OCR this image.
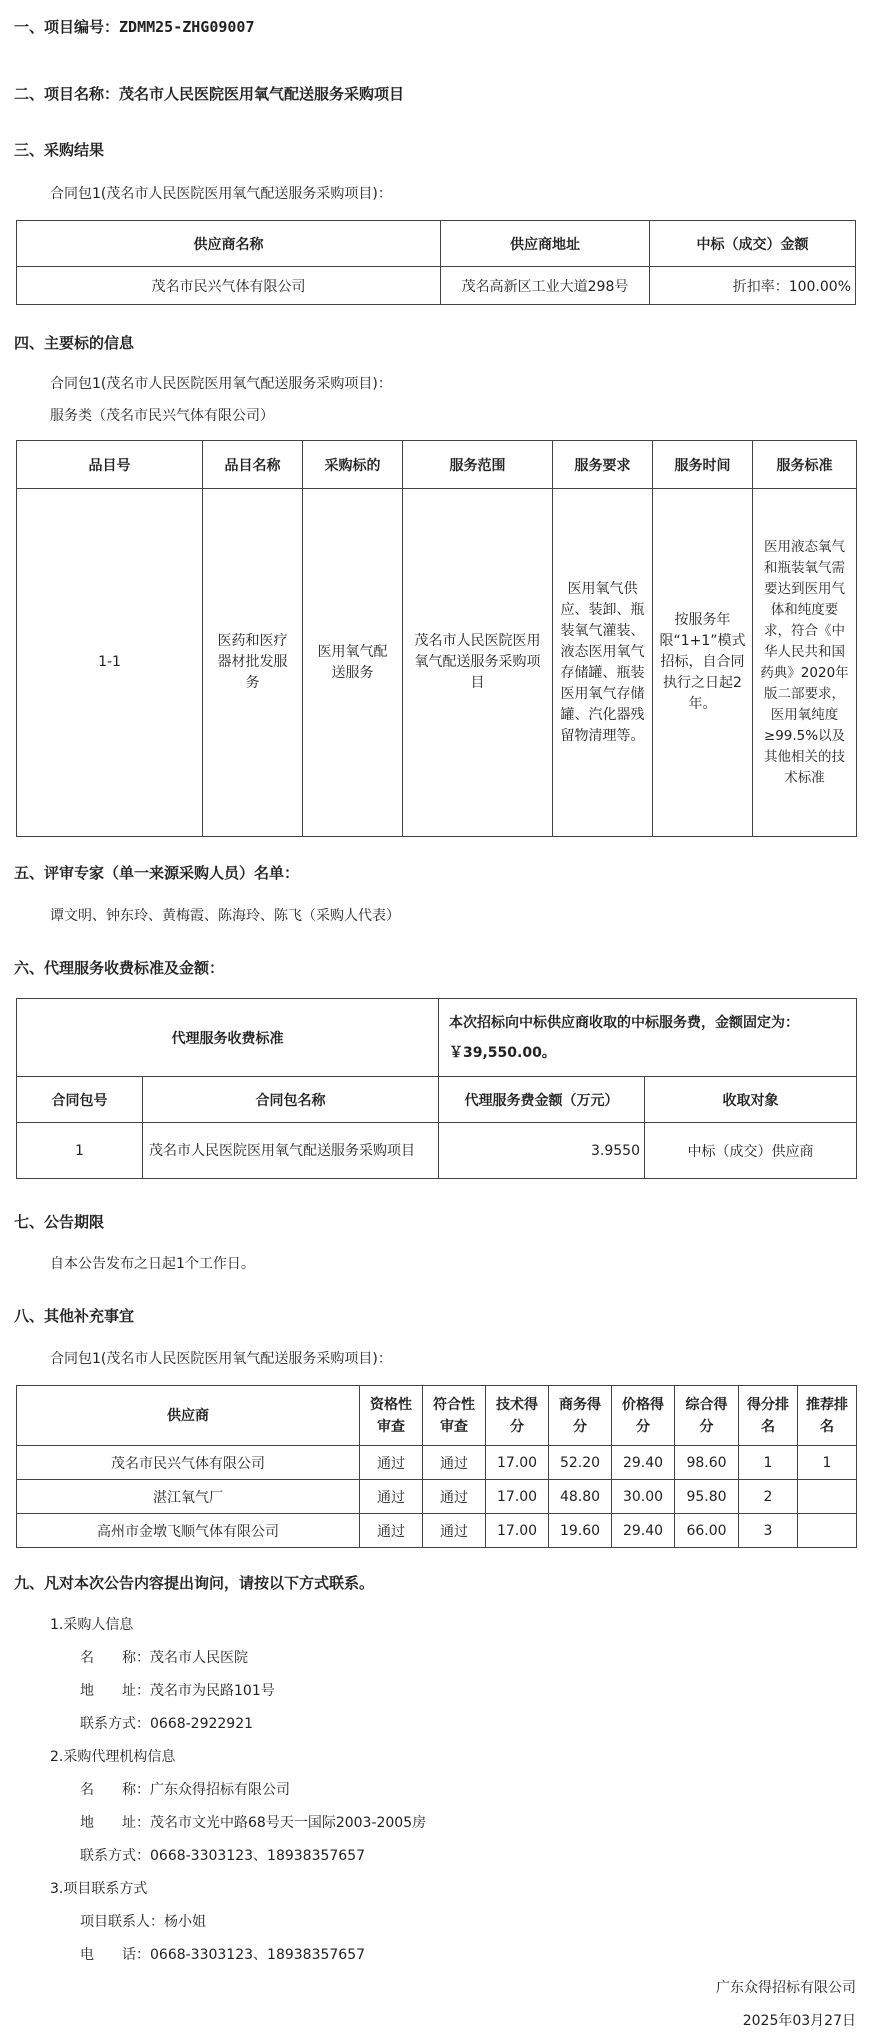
一、项目编号：ZDMM25-ZHG09007
二、项目名称：茂名市人民医院医用氧气配送服务采购项目
三、采购结果
合同包1(茂名市人民医院医用氧气配送服务采购项目)：
供应商名称	供应商地址	中标（成交）金额
茂名市民兴气体有限公司	茂名高新区工业大道298号	折扣率：100.00%
四、主要标的信息
合同包1(茂名市人民医院医用氧气配送服务采购项目)：
服务类（茂名市民兴气体有限公司）
品目号	品目名称	采购标的	服务范围	服务要求	服务时间	服务标准
1-1	医药和医疗器材批发服务	医用氧气配送服务	茂名市人民医院医用氧气配送服务采购项目	医用氧气供应、装卸、瓶装氧气灌装、液态医用氧气存储罐、瓶装医用氧气存储罐、汽化器残留物清理等。	按服务年限“1+1”模式招标，自合同执行之日起2年。	医用液态氧气和瓶装氧气需要达到医用气体和纯度要求，符合《中华人民共和国药典》2020年版二部要求，医用氧纯度≥99.5%以及其他相关的技术标准
五、评审专家（单一来源采购人员）名单：
谭文明、钟东玲、黄梅霞、陈海玲、陈飞（采购人代表）
六、代理服务收费标准及金额：
代理服务收费标准		本次招标向中标供应商收取的中标服务费，金额固定为：￥39,550.00。	
合同包号	合同包名称	代理服务费金额（万元）	收取对象
1	茂名市人民医院医用氧气配送服务采购项目	3.9550	中标（成交）供应商
七、公告期限
自本公告发布之日起1个工作日。
八、其他补充事宜
合同包1(茂名市人民医院医用氧气配送服务采购项目)：
供应商	资格性审查	符合性审查	技术得分	商务得分	价格得分	综合得分	得分排名	推荐排名
茂名市民兴气体有限公司	通过	通过	17.00	52.20	29.40	98.60	1	1
湛江氧气厂	通过	通过	17.00	48.80	30.00	95.80	2	
高州市金墩飞顺气体有限公司	通过	通过	17.00	19.60	29.40	66.00	3	
九、凡对本次公告内容提出询问，请按以下方式联系。
1.采购人信息
名　　称：茂名市人民医院
地　　址：茂名市为民路101号
联系方式：0668-2922921
2.采购代理机构信息
名　　称：广东众得招标有限公司
地　　址：茂名市文光中路68号天一国际2003-2005房
联系方式：0668-3303123、18938357657
3.项目联系方式
项目联系人：杨小姐
电　　话：0668-3303123、18938357657
广东众得招标有限公司
2025年03月27日
